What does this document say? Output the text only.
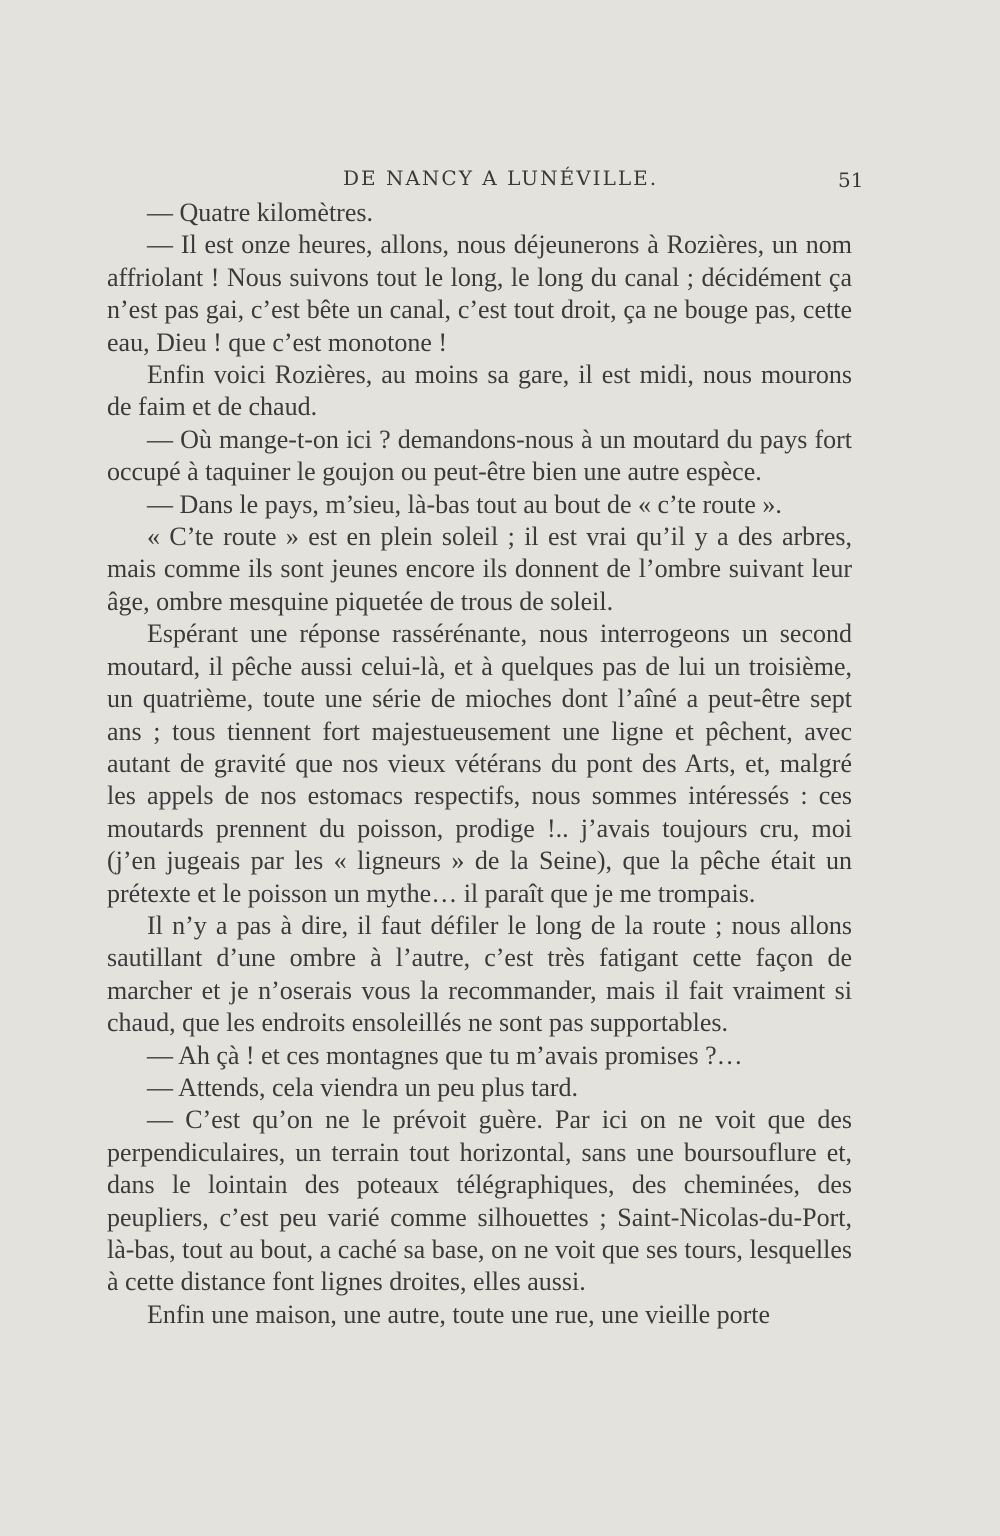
DE NANCY A LUNÉVILLE.	51

— Quatre kilomètres.

— Il est onze heures, allons, nous déjeunerons à Rozières, un nom affriolant ! Nous suivons tout le long, le long du canal ; décidément ça n’est pas gai, c’est bête un canal, c’est tout droit, ça ne bouge pas, cette eau, Dieu ! que c’est monotone !

Enfin voici Rozières, au moins sa gare, il est midi, nous mourons de faim et de chaud.

— Où mange-t-on ici ? demandons-nous à un moutard du pays fort occupé à taquiner le goujon ou peut-être bien une autre espèce.

— Dans le pays, m’sieu, là-bas tout au bout de « c’te route ».

« C’te route » est en plein soleil ; il est vrai qu’il y a des arbres, mais comme ils sont jeunes encore ils donnent de l’ombre suivant leur âge, ombre mesquine piquetée de trous de soleil.

Espérant une réponse rassérénante, nous interrogeons un second moutard, il pêche aussi celui-là, et à quelques pas de lui un troisième, un quatrième, toute une série de mioches dont l’aîné a peut-être sept ans ; tous tiennent fort majestueusement une ligne et pêchent, avec autant de gravité que nos vieux vétérans du pont des Arts, et, malgré les appels de nos estomacs respectifs, nous sommes intéressés : ces moutards prennent du poisson, prodige !.. j’avais toujours cru, moi (j’en jugeais par les « ligneurs » de la Seine), que la pêche était un prétexte et le poisson un mythe… il paraît que je me trompais.

Il n’y a pas à dire, il faut défiler le long de la route ; nous allons sautillant d’une ombre à l’autre, c’est très fatigant cette façon de marcher et je n’oserais vous la recommander, mais il fait vraiment si chaud, que les endroits ensoleillés ne sont pas supportables.

— Ah çà ! et ces montagnes que tu m’avais promises ?…

— Attends, cela viendra un peu plus tard.

— C’est qu’on ne le prévoit guère. Par ici on ne voit que des perpendiculaires, un terrain tout horizontal, sans une boursouflure et, dans le lointain des poteaux télégraphiques, des cheminées, des peupliers, c’est peu varié comme silhouettes ; Saint-Nicolas-du-Port, là-bas, tout au bout, a caché sa base, on ne voit que ses tours, lesquelles à cette distance font lignes droites, elles aussi.

Enfin une maison, une autre, toute une rue, une vieille porte
